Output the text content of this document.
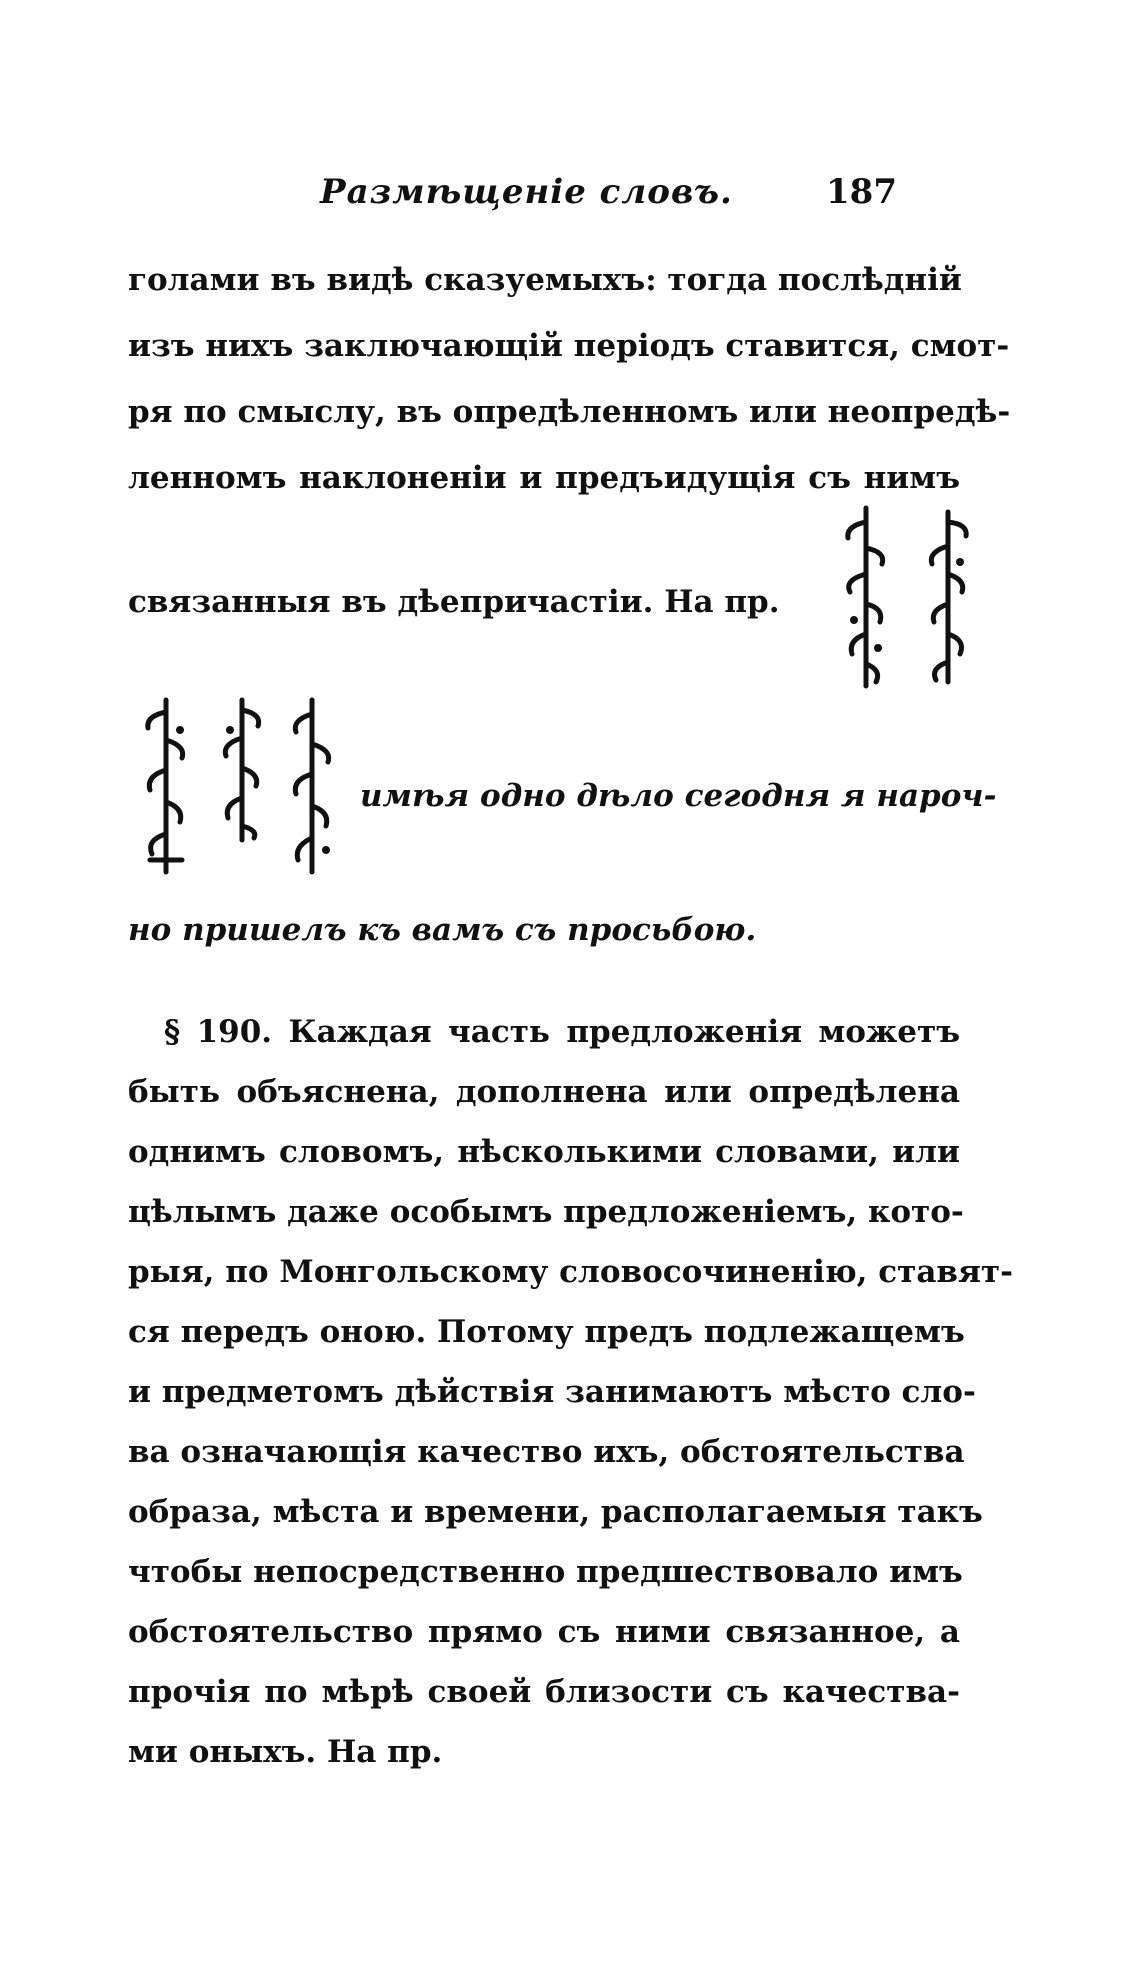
Размѣщеніе словъ.	187
голами въ видѣ сказуемыхъ: тогда послѣдній
изъ нихъ заключающій періодъ ставится, смот-
ря по смыслу, въ опредѣленномъ или неопредѣ-
ленномъ наклоненіи и предъидущія съ нимъ
связанныя въ дѣепричастіи. На пр.
имѣя одно дѣло сегодня я нароч-
но пришелъ къ вамъ съ просьбою.
§ 190. Каждая часть предложенія можетъ
быть объяснена, дополнена или опредѣлена
однимъ словомъ, нѣсколькими словами, или
цѣлымъ даже особымъ предложеніемъ, кото-
рыя, по Монгольскому словосочиненію, ставят-
ся передъ оною. Потому предъ подлежащемъ
и предметомъ дѣйствія занимаютъ мѣсто сло-
ва означающія качество ихъ, обстоятельства
образа, мѣста и времени, располагаемыя такъ
чтобы непосредственно предшествовало имъ
обстоятельство прямо съ ними связанное, а
прочія по мѣрѣ своей близости съ качества-
ми оныхъ. На пр.
